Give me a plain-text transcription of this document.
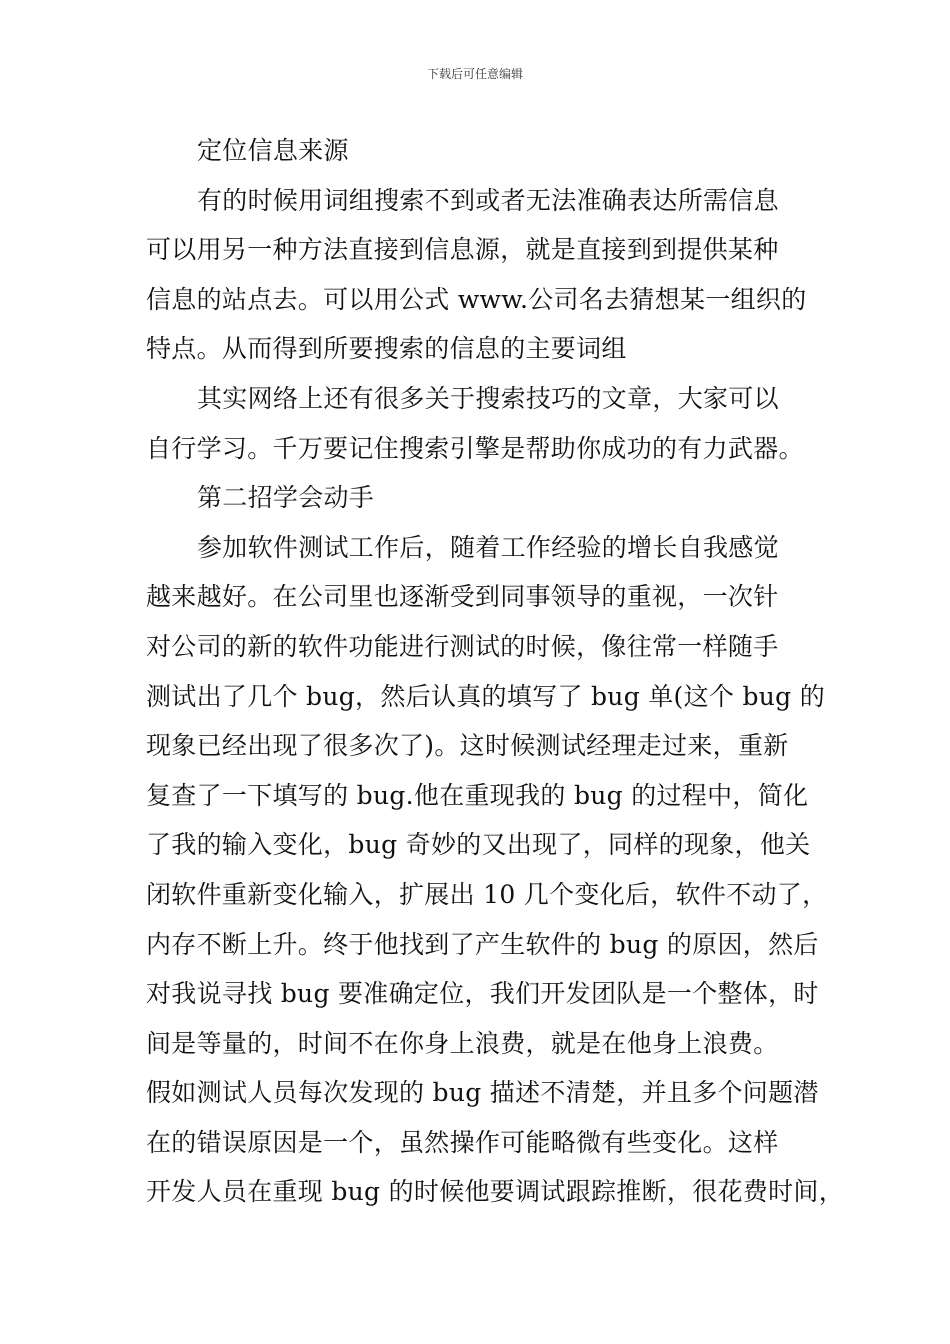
下载后可任意编辑
定位信息来源
有的时候用词组搜索不到或者无法准确表达所需信息
可以用另一种方法直接到信息源，就是直接到到提供某种
信息的站点去。可以用公式 www.公司名去猜想某一组织的
特点。从而得到所要搜索的信息的主要词组
其实网络上还有很多关于搜索技巧的文章，大家可以
自行学习。千万要记住搜索引擎是帮助你成功的有力武器。
第二招学会动手
参加软件测试工作后，随着工作经验的增长自我感觉
越来越好。在公司里也逐渐受到同事领导的重视，一次针
对公司的新的软件功能进行测试的时候，像往常一样随手
测试出了几个 bug，然后认真的填写了 bug 单(这个 bug 的
现象已经出现了很多次了)。这时候测试经理走过来，重新
复查了一下填写的 bug.他在重现我的 bug 的过程中，简化
了我的输入变化，bug 奇妙的又出现了，同样的现象，他关
闭软件重新变化输入，扩展出 10 几个变化后，软件不动了，
内存不断上升。终于他找到了产生软件的 bug 的原因，然后
对我说寻找 bug 要准确定位，我们开发团队是一个整体，时
间是等量的，时间不在你身上浪费，就是在他身上浪费。
假如测试人员每次发现的 bug 描述不清楚，并且多个问题潜
在的错误原因是一个，虽然操作可能略微有些变化。这样
开发人员在重现 bug 的时候他要调试跟踪推断，很花费时间，
